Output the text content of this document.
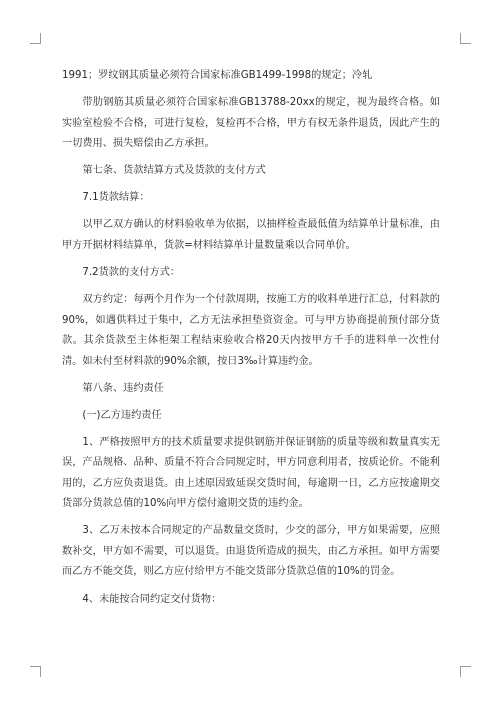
1991；罗纹钢其质量必须符合国家标准GB1499-1998的规定；冷轧

带肋钢筋其质量必须符合国家标准GB13788-20xx的规定，视为最终合格。如实验室检验不合格，可进行复检，复检再不合格，甲方有权无条件退货，因此产生的一切费用、损失赔偿由乙方承担。

第七条、货款结算方式及货款的支付方式

7.1货款结算：

以甲乙双方确认的材料验收单为依据，以抽样检查最低值为结算单计量标准，由甲方开据材料结算单，货款=材料结算单计量数量乘以合同单价。

7.2货款的支付方式：

双方约定：每两个月作为一个付款周期，按施工方的收料单进行汇总，付料款的90%，如遇供料过于集中，乙方无法承担垫资资金。可与甲方协商提前预付部分货款。其余货款至主体柜架工程结束验收合格20天内按甲方千手的进料单一次性付清。如未付至材料款的90%余额，按日3‰计算违约金。

第八条、违约责任

(一)乙方违约责任

1、严格按照甲方的技术质量要求提供钢筋并保证钢筋的质量等级和数量真实无误，产品规格、品种、质量不符合合同规定时，甲方同意利用者，按质论价。不能利用的，乙方应负责退货。由上述原因致延误交货时间，每逾期一日，乙方应按逾期交货部分货款总值的10%向甲方偿付逾期交货的违约金。

3、乙万未按本合同规定的产品数量交货时，少交的部分，甲方如果需要，应照数补交，甲方如不需要，可以退货。由退货所造成的损失，由乙方承担。如甲方需要而乙方不能交货，则乙方应付给甲方不能交货部分货款总值的10%的罚金。

4、未能按合同约定交付货物：
